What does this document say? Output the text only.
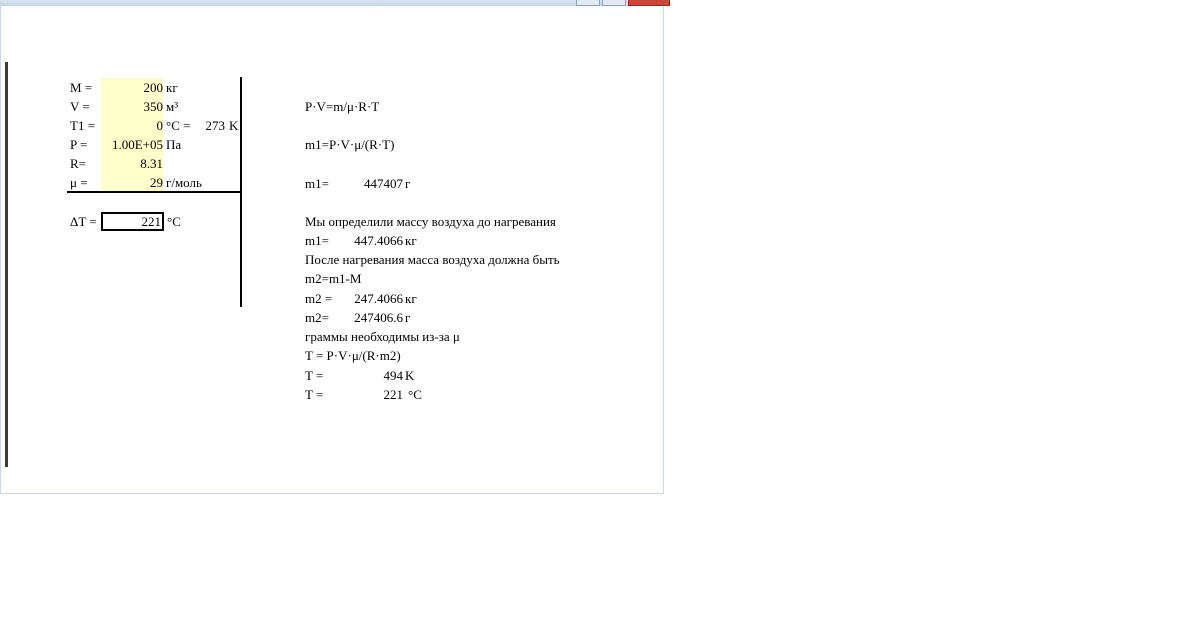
M =	200 кг
V =	350 м³
T1 =	0 °C =	273 K
P =	1.00E+05 Па
R=	8.31
μ =	29 г/моль
ΔT =	221 °C
P·V=m/μ·R·T
m1=P·V·μ/(R·T)
m1=	447407 г
Мы определили массу воздуха до нагревания
m1=	447.4066 кг
После нагревания масса воздуха должна быть
m2=m1-M
m2 =	247.4066 кг
m2=	247406.6 г
граммы необходимы из-за μ
T = P·V·μ/(R·m2)
T =	494 K
T =	221 °C
